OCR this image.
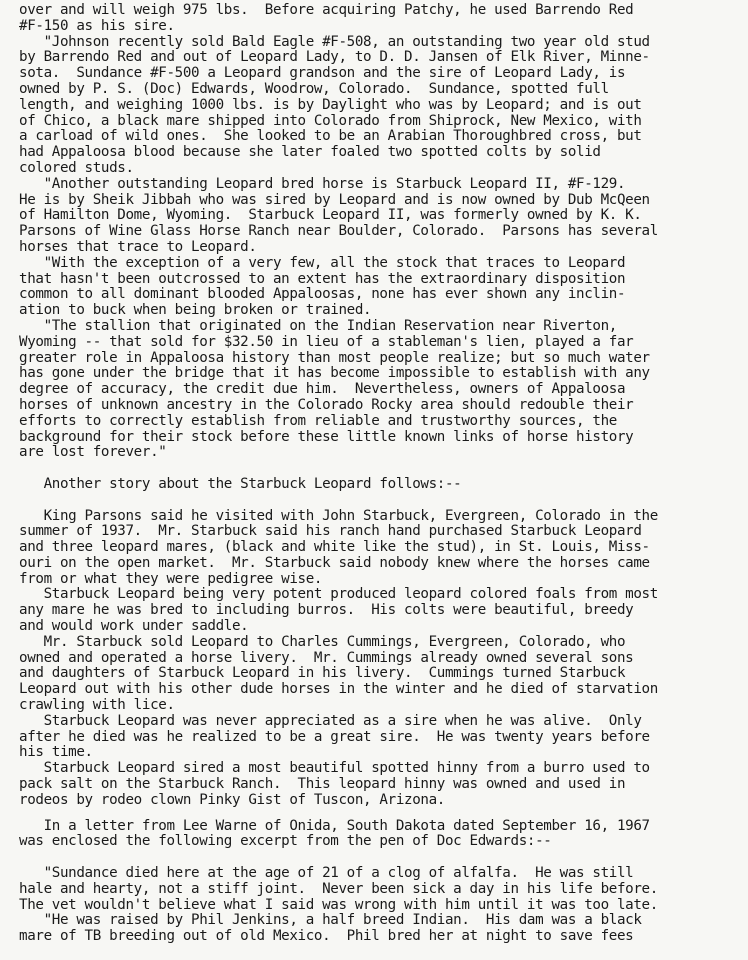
over and will weigh 975 lbs.  Before acquiring Patchy, he used Barrendo Red
#F-150 as his sire.

"Johnson recently sold Bald Eagle #F-508, an outstanding two year old stud
by Barrendo Red and out of Leopard Lady, to D. D. Jansen of Elk River, Minne-
sota.  Sundance #F-500 a Leopard grandson and the sire of Leopard Lady, is
owned by P. S. (Doc) Edwards, Woodrow, Colorado.  Sundance, spotted full
length, and weighing 1000 lbs. is by Daylight who was by Leopard; and is out
of Chico, a black mare shipped into Colorado from Shiprock, New Mexico, with
a carload of wild ones.  She looked to be an Arabian Thoroughbred cross, but
had Appaloosa blood because she later foaled two spotted colts by solid
colored studs.

"Another outstanding Leopard bred horse is Starbuck Leopard II, #F-129.
He is by Sheik Jibbah who was sired by Leopard and is now owned by Dub McQeen
of Hamilton Dome, Wyoming.  Starbuck Leopard II, was formerly owned by K. K.
Parsons of Wine Glass Horse Ranch near Boulder, Colorado.  Parsons has several
horses that trace to Leopard.

"With the exception of a very few, all the stock that traces to Leopard
that hasn't been outcrossed to an extent has the extraordinary disposition
common to all dominant blooded Appaloosas, none has ever shown any inclin-
ation to buck when being broken or trained.

"The stallion that originated on the Indian Reservation near Riverton,
Wyoming -- that sold for $32.50 in lieu of a stableman's lien, played a far
greater role in Appaloosa history than most people realize; but so much water
has gone under the bridge that it has become impossible to establish with any
degree of accuracy, the credit due him.  Nevertheless, owners of Appaloosa
horses of unknown ancestry in the Colorado Rocky area should redouble their
efforts to correctly establish from reliable and trustworthy sources, the
background for their stock before these little known links of horse history
are lost forever."

Another story about the Starbuck Leopard follows:--

King Parsons said he visited with John Starbuck, Evergreen, Colorado in the
summer of 1937.  Mr. Starbuck said his ranch hand purchased Starbuck Leopard
and three leopard mares, (black and white like the stud), in St. Louis, Miss-
ouri on the open market.  Mr. Starbuck said nobody knew where the horses came
from or what they were pedigree wise.

Starbuck Leopard being very potent produced leopard colored foals from most
any mare he was bred to including burros.  His colts were beautiful, breedy
and would work under saddle.

Mr. Starbuck sold Leopard to Charles Cummings, Evergreen, Colorado, who
owned and operated a horse livery.  Mr. Cummings already owned several sons
and daughters of Starbuck Leopard in his livery.  Cummings turned Starbuck
Leopard out with his other dude horses in the winter and he died of starvation
crawling with lice.

Starbuck Leopard was never appreciated as a sire when he was alive.  Only
after he died was he realized to be a great sire.  He was twenty years before
his time.

Starbuck Leopard sired a most beautiful spotted hinny from a burro used to
pack salt on the Starbuck Ranch.  This leopard hinny was owned and used in
rodeos by rodeo clown Pinky Gist of Tuscon, Arizona.

In a letter from Lee Warne of Onida, South Dakota dated September 16, 1967
was enclosed the following excerpt from the pen of Doc Edwards:--

"Sundance died here at the age of 21 of a clog of alfalfa.  He was still
hale and hearty, not a stiff joint.  Never been sick a day in his life before.
The vet wouldn't believe what I said was wrong with him until it was too late.

"He was raised by Phil Jenkins, a half breed Indian.  His dam was a black
mare of TB breeding out of old Mexico.  Phil bred her at night to save fees
